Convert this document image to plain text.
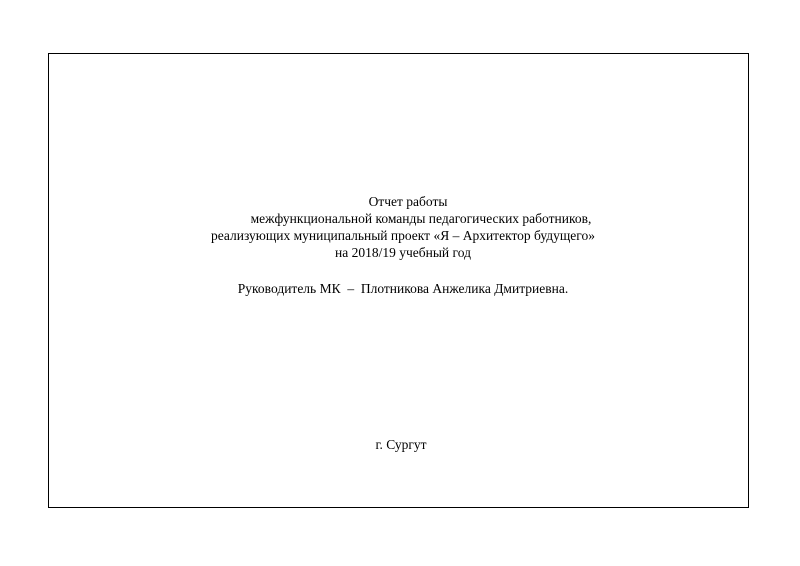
Отчет работы
межфункциональной команды педагогических работников,
реализующих муниципальный проект «Я – Архитектор будущего»
на 2018/19 учебный год
Руководитель МК  –  Плотникова Анжелика Дмитриевна.
г. Сургут
